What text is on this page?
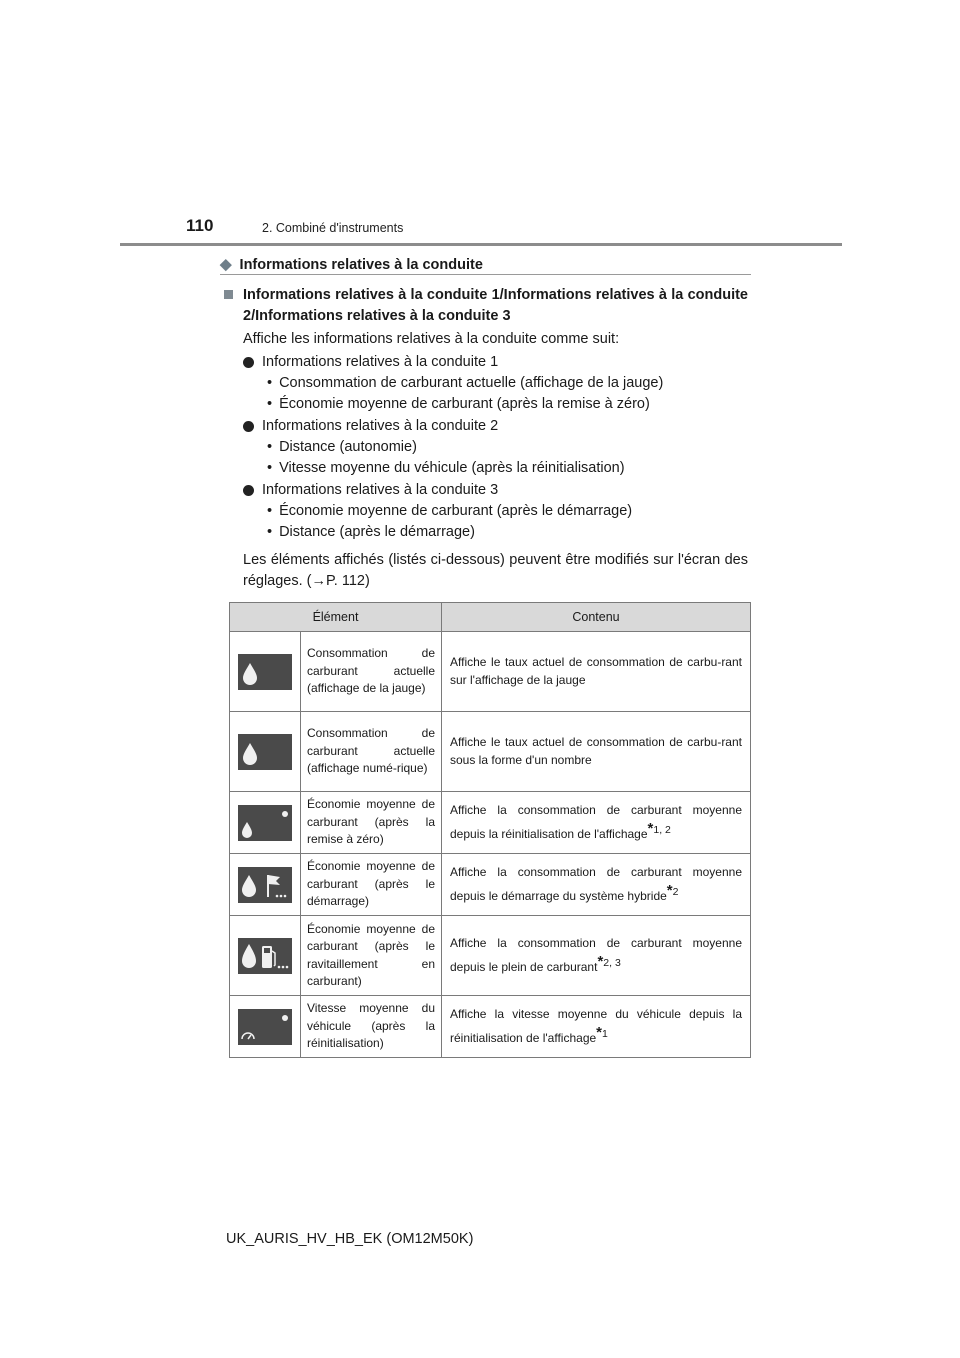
110	2. Combiné d'instruments
◆ Informations relatives à la conduite
Informations relatives à la conduite 1/Informations relatives à la conduite 2/Informations relatives à la conduite 3
Affiche les informations relatives à la conduite comme suit:
Informations relatives à la conduite 1
• Consommation de carburant actuelle (affichage de la jauge)
• Économie moyenne de carburant (après la remise à zéro)
Informations relatives à la conduite 2
• Distance (autonomie)
• Vitesse moyenne du véhicule (après la réinitialisation)
Informations relatives à la conduite 3
• Économie moyenne de carburant (après le démarrage)
• Distance (après le démarrage)
Les éléments affichés (listés ci-dessous) peuvent être modifiés sur l'écran des réglages. (→P. 112)
Élément		Contenu

	Consommation de carburant actuelle (affichage de la jauge)	Affiche le taux actuel de consommation de carbu-rant sur l'affichage de la jauge

	Consommation de carburant actuelle (affichage numé-rique)	Affiche le taux actuel de consommation de carbu-rant sous la forme d'un nombre

	Économie moyenne de carburant (après la remise à zéro)	Affiche la consommation de carburant moyenne depuis la réinitialisation de l'affichage$^{*1, 2}$

	Économie moyenne de carburant (après le démarrage)	Affiche la consommation de carburant moyenne depuis le démarrage du système hybride$^{*2}$

	Économie moyenne de carburant (après le ravitaillement en carburant)	Affiche la consommation de carburant moyenne depuis le plein de carburant$^{*2, 3}$

	Vitesse moyenne du véhicule (après la réinitialisation)	Affiche la vitesse moyenne du véhicule depuis la réinitialisation de l'affichage$^{*1}$
UK_AURIS_HV_HB_EK (OM12M50K)
